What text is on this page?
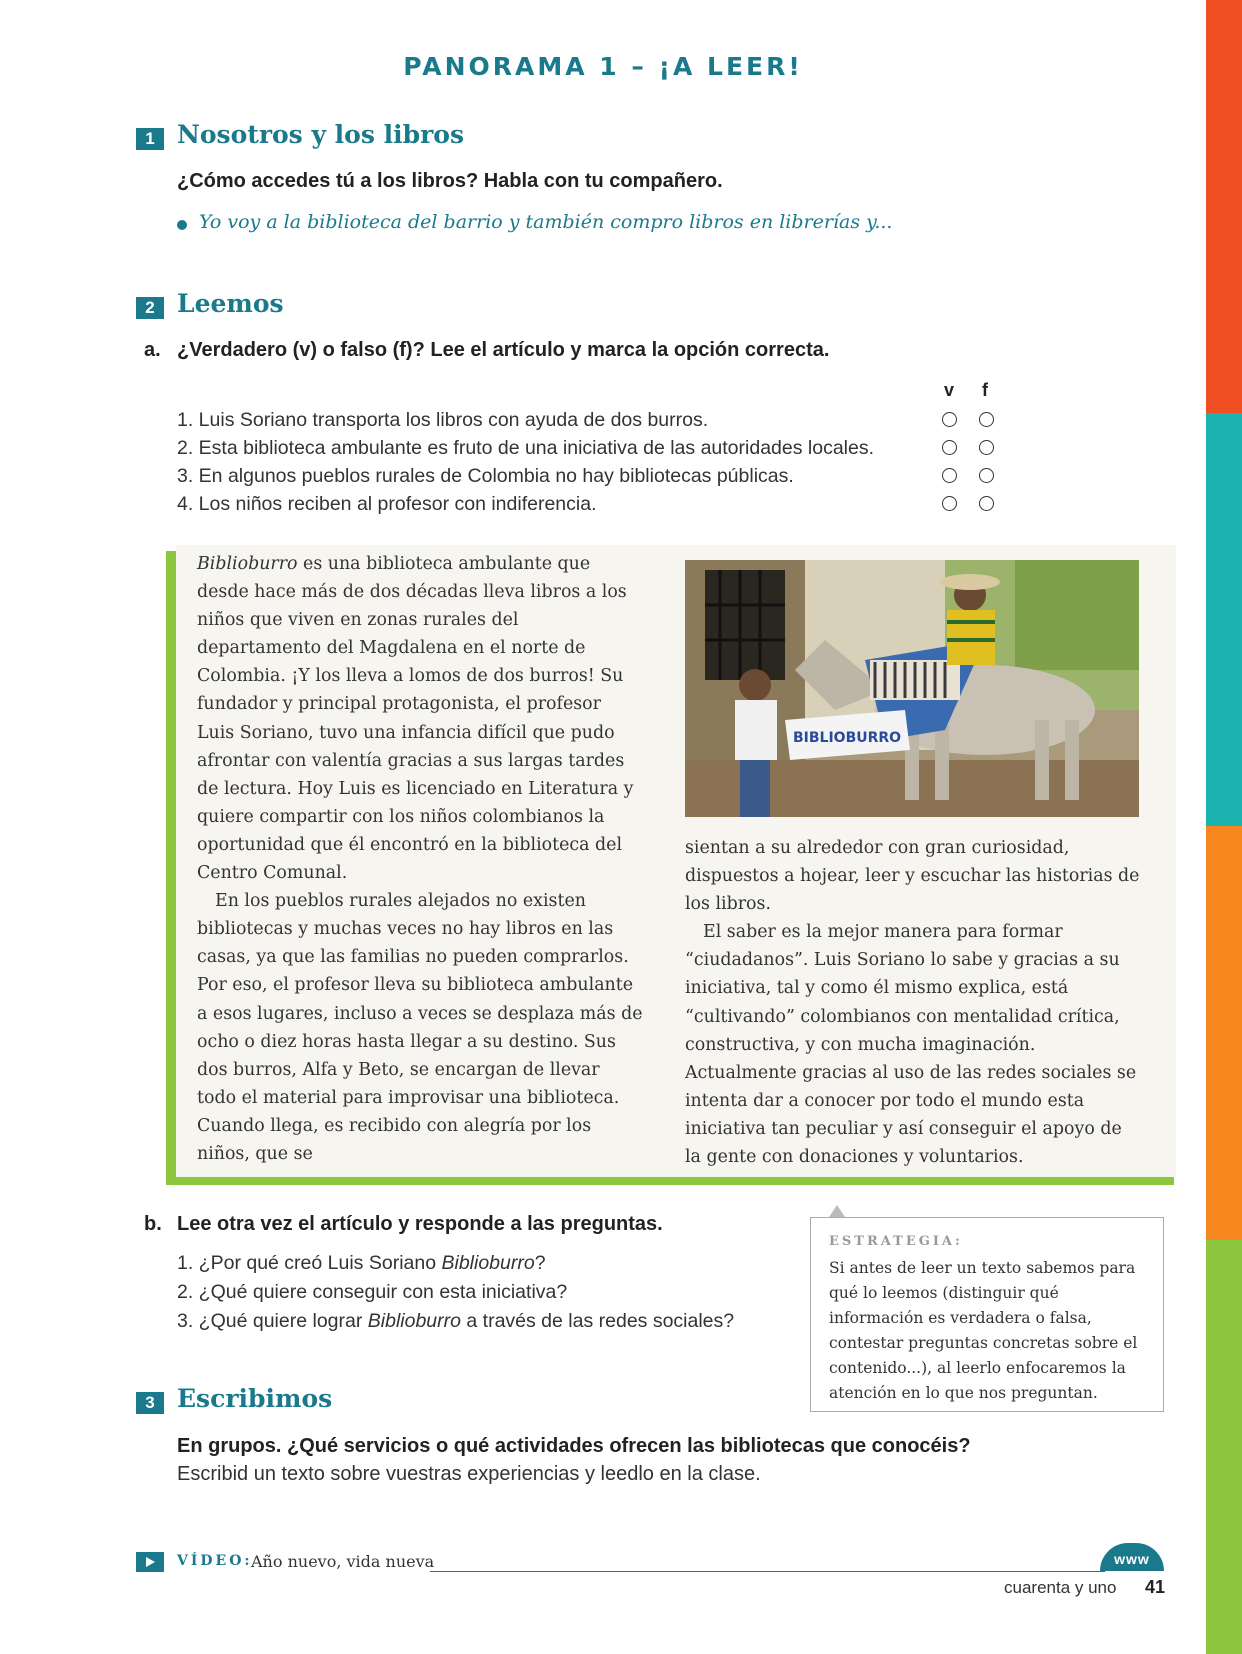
PANORAMA 1 – ¡A LEER!
1 Nosotros y los libros
¿Cómo accedes tú a los libros? Habla con tu compañero.
Yo voy a la biblioteca del barrio y también compro libros en librerías y...
2 Leemos
a. ¿Verdadero (v) o falso (f)? Lee el artículo y marca la opción correcta.
v f
1. Luis Soriano transporta los libros con ayuda de dos burros.
2. Esta biblioteca ambulante es fruto de una iniciativa de las autoridades locales.
3. En algunos pueblos rurales de Colombia no hay bibliotecas públicas.
4. Los niños reciben al profesor con indiferencia.

Biblioburro es una biblioteca ambulante que desde hace más de dos décadas lleva libros a los niños que viven en zonas rurales del departamento del Magdalena en el norte de Colombia. ¡Y los lleva a lomos de dos burros! Su fundador y principal protagonista, el profesor Luis Soriano, tuvo una infancia difícil que pudo afrontar con valentía gracias a sus largas tardes de lectura. Hoy Luis es licenciado en Literatura y quiere compartir con los niños colombianos la oportunidad que él encontró en la biblioteca del Centro Comunal.

En los pueblos rurales alejados no existen bibliotecas y muchas veces no hay libros en las casas, ya que las familias no pueden comprarlos. Por eso, el profesor lleva su biblioteca ambulante a esos lugares, incluso a veces se desplaza más de ocho o diez horas hasta llegar a su destino. Sus dos burros, Alfa y Beto, se encargan de llevar todo el material para improvisar una biblioteca. Cuando llega, es recibido con alegría por los niños, que se

BIBLIOBURRO

sientan a su alrededor con gran curiosidad, dispuestos a hojear, leer y escuchar las historias de los libros.

El saber es la mejor manera para formar “ciudadanos”. Luis Soriano lo sabe y gracias a su iniciativa, tal y como él mismo explica, está “cultivando” colombianos con mentalidad crítica, constructiva, y con mucha imaginación. Actualmente gracias al uso de las redes sociales se intenta dar a conocer por todo el mundo esta iniciativa tan peculiar y así conseguir el apoyo de la gente con donaciones y voluntarios.

b. Lee otra vez el artículo y responde a las preguntas.
1. ¿Por qué creó Luis Soriano Biblioburro?
2. ¿Qué quiere conseguir con esta iniciativa?
3. ¿Qué quiere lograr Biblioburro a través de las redes sociales?
ESTRATEGIA:
Si antes de leer un texto sabemos para qué lo leemos (distinguir qué información es verdadera o falsa, contestar preguntas concretas sobre el contenido...), al leerlo enfocaremos la atención en lo que nos preguntan.
3 Escribimos
En grupos. ¿Qué servicios o qué actividades ofrecen las bibliotecas que conocéis?
Escribid un texto sobre vuestras experiencias y leedlo en la clase.
VÍDEO:
Año nuevo, vida nueva	www
cuarenta y uno 41
